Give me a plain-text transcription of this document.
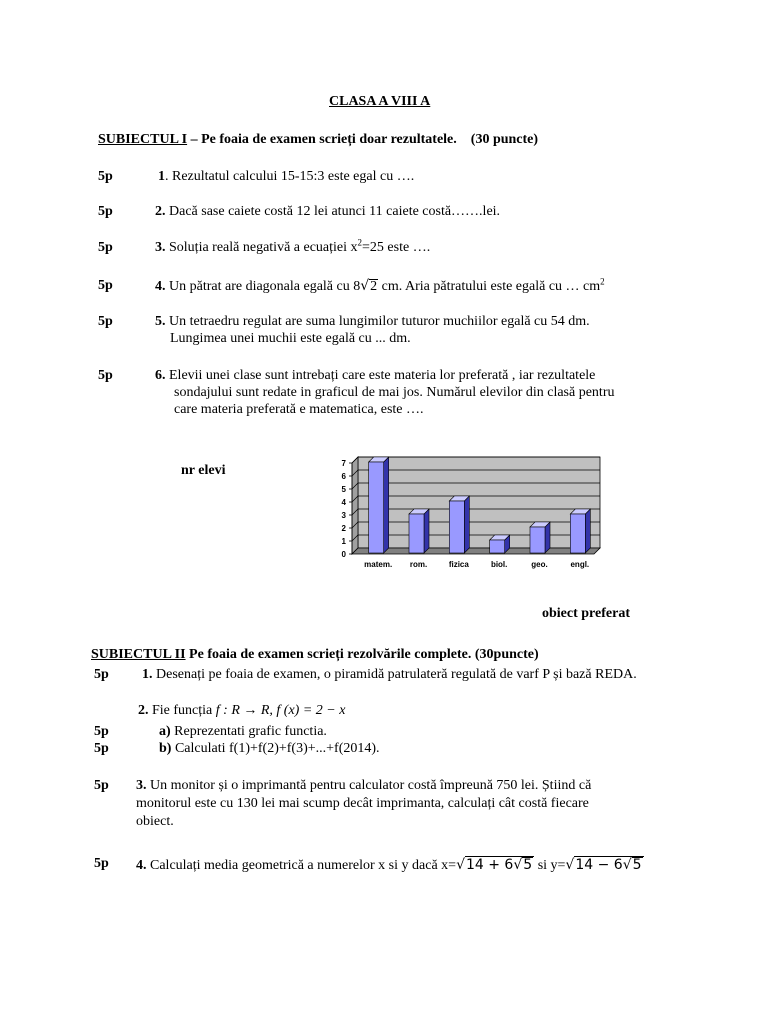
CLASA A VIII A
SUBIECTUL I – Pe foaia de examen scrieți doar rezultatele. (30 puncte)
5p	1. Rezultatul calcului 15-15:3 este egal cu ….
5p	2. Dacă sase caiete costă 12 lei atunci 11 caiete costă…….lei.
5p	3. Soluția reală negativă a ecuației $x^2=25$ este ….
5p	4. Un pătrat are diagonala egală cu 8√2 cm. Aria pătratului este egală cu … $cm^2$
5p	5. Un tetraedru regulat are suma lungimilor tuturor muchiilor egală cu 54 dm.
Lungimea unei muchii este egală cu ... dm.
5p	6. Elevii unei clase sunt intrebați care este materia lor preferată , iar rezultatele
sondajului sunt redate in graficul de mai jos. Numărul elevilor din clasă pentru
care materia preferată e matematica, este ….
nr elevi
0
1
2
3
4
5
6
7
matem. rom.	fizica	biol.	geo.	engl.
obiect preferat
SUBIECTUL II Pe foaia de examen scrieți rezolvările complete. (30puncte)
5p 1. Desenați pe foaia de examen, o piramidă patrulateră regulată de varf P și bază REDA.
2. Fie funcția f : R → R, f (x) = 2 − x
5p	a) Reprezentati grafic functia.
5p	b) Calculati f(1)+f(2)+f(3)+...+f(2014).
5p 3. Un monitor și o imprimantă pentru calculator costă împreună 750 lei. Știind că
monitorul este cu 130 lei mai scump decât imprimanta, calculați cât costă fiecare
obiect.
5p 4. Calculați media geometrică a numerelor x si y dacă x=√14 + 6√5 si y=√14 − 6√5
